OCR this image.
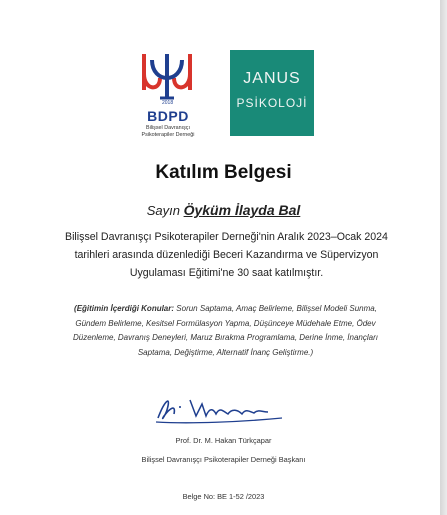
2018
BDPD
Bilişsel Davranışçı
Psikoterapiler Derneği
JANUS
PSİKOLOJİ
Katılım Belgesi
Sayın Öyküm İlayda Bal
Bilişsel Davranışçı Psikoterapiler Derneği'nin Aralık 2023–Ocak 2024 tarihleri arasında düzenlediği Beceri Kazandırma ve Süpervizyon Uygulaması Eğitimi'ne 30 saat katılmıştır.
(Eğitimin İçerdiği Konular: Sorun Saptama, Amaç Belirleme, Bilişsel Modeli Sunma, Gündem Belirleme, Kesitsel Formülasyon Yapma, Düşünceye Müdehale Etme, Ödev Düzenleme, Davranış Deneyleri, Maruz Bırakma Programlama, Derine İnme, İnançları Saptama, Değiştirme, Alternatif İnanç Geliştirme.)
Prof. Dr. M. Hakan Türkçapar
Bilişsel Davranışçı Psikoterapiler Derneği Başkanı
Belge No: BE 1-52 /2023
